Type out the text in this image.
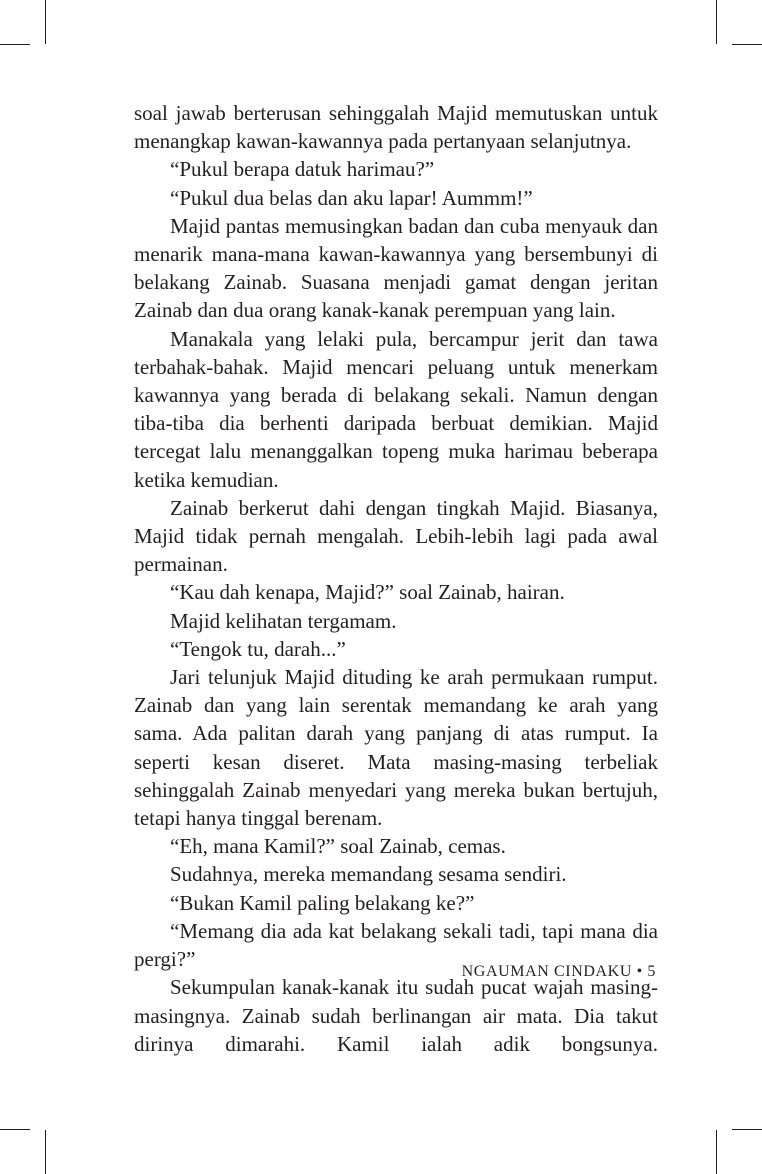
soal jawab berterusan sehinggalah Majid memutuskan untuk menangkap kawan-kawannya pada pertanyaan selanjutnya.

“Pukul berapa datuk harimau?”

“Pukul dua belas dan aku lapar! Aummm!”

Majid pantas memusingkan badan dan cuba menyauk dan menarik mana-mana kawan-kawannya yang bersembunyi di belakang Zainab. Suasana menjadi gamat dengan jeritan Zainab dan dua orang kanak-kanak perempuan yang lain.

Manakala yang lelaki pula, bercampur jerit dan tawa terbahak-bahak. Majid mencari peluang untuk menerkam kawannya yang berada di belakang sekali. Namun dengan tiba-tiba dia berhenti daripada berbuat demikian. Majid tercegat lalu menanggalkan topeng muka harimau beberapa ketika kemudian.

Zainab berkerut dahi dengan tingkah Majid. Biasanya, Majid tidak pernah mengalah. Lebih-lebih lagi pada awal permainan.

“Kau dah kenapa, Majid?” soal Zainab, hairan.

Majid kelihatan tergamam.

“Tengok tu, darah...”

Jari telunjuk Majid dituding ke arah permukaan rumput. Zainab dan yang lain serentak memandang ke arah yang sama. Ada palitan darah yang panjang di atas rumput. Ia seperti kesan diseret. Mata masing-masing terbeliak sehinggalah Zainab menyedari yang mereka bukan bertujuh, tetapi hanya tinggal berenam.

“Eh, mana Kamil?” soal Zainab, cemas.

Sudahnya, mereka memandang sesama sendiri.

“Bukan Kamil paling belakang ke?”

“Memang dia ada kat belakang sekali tadi, tapi mana dia pergi?”

Sekumpulan kanak-kanak itu sudah pucat wajah masing-masingnya. Zainab sudah berlinangan air mata. Dia takut dirinya dimarahi. Kamil ialah adik bongsunya.

NGAUMAN CINDAKU • 5
